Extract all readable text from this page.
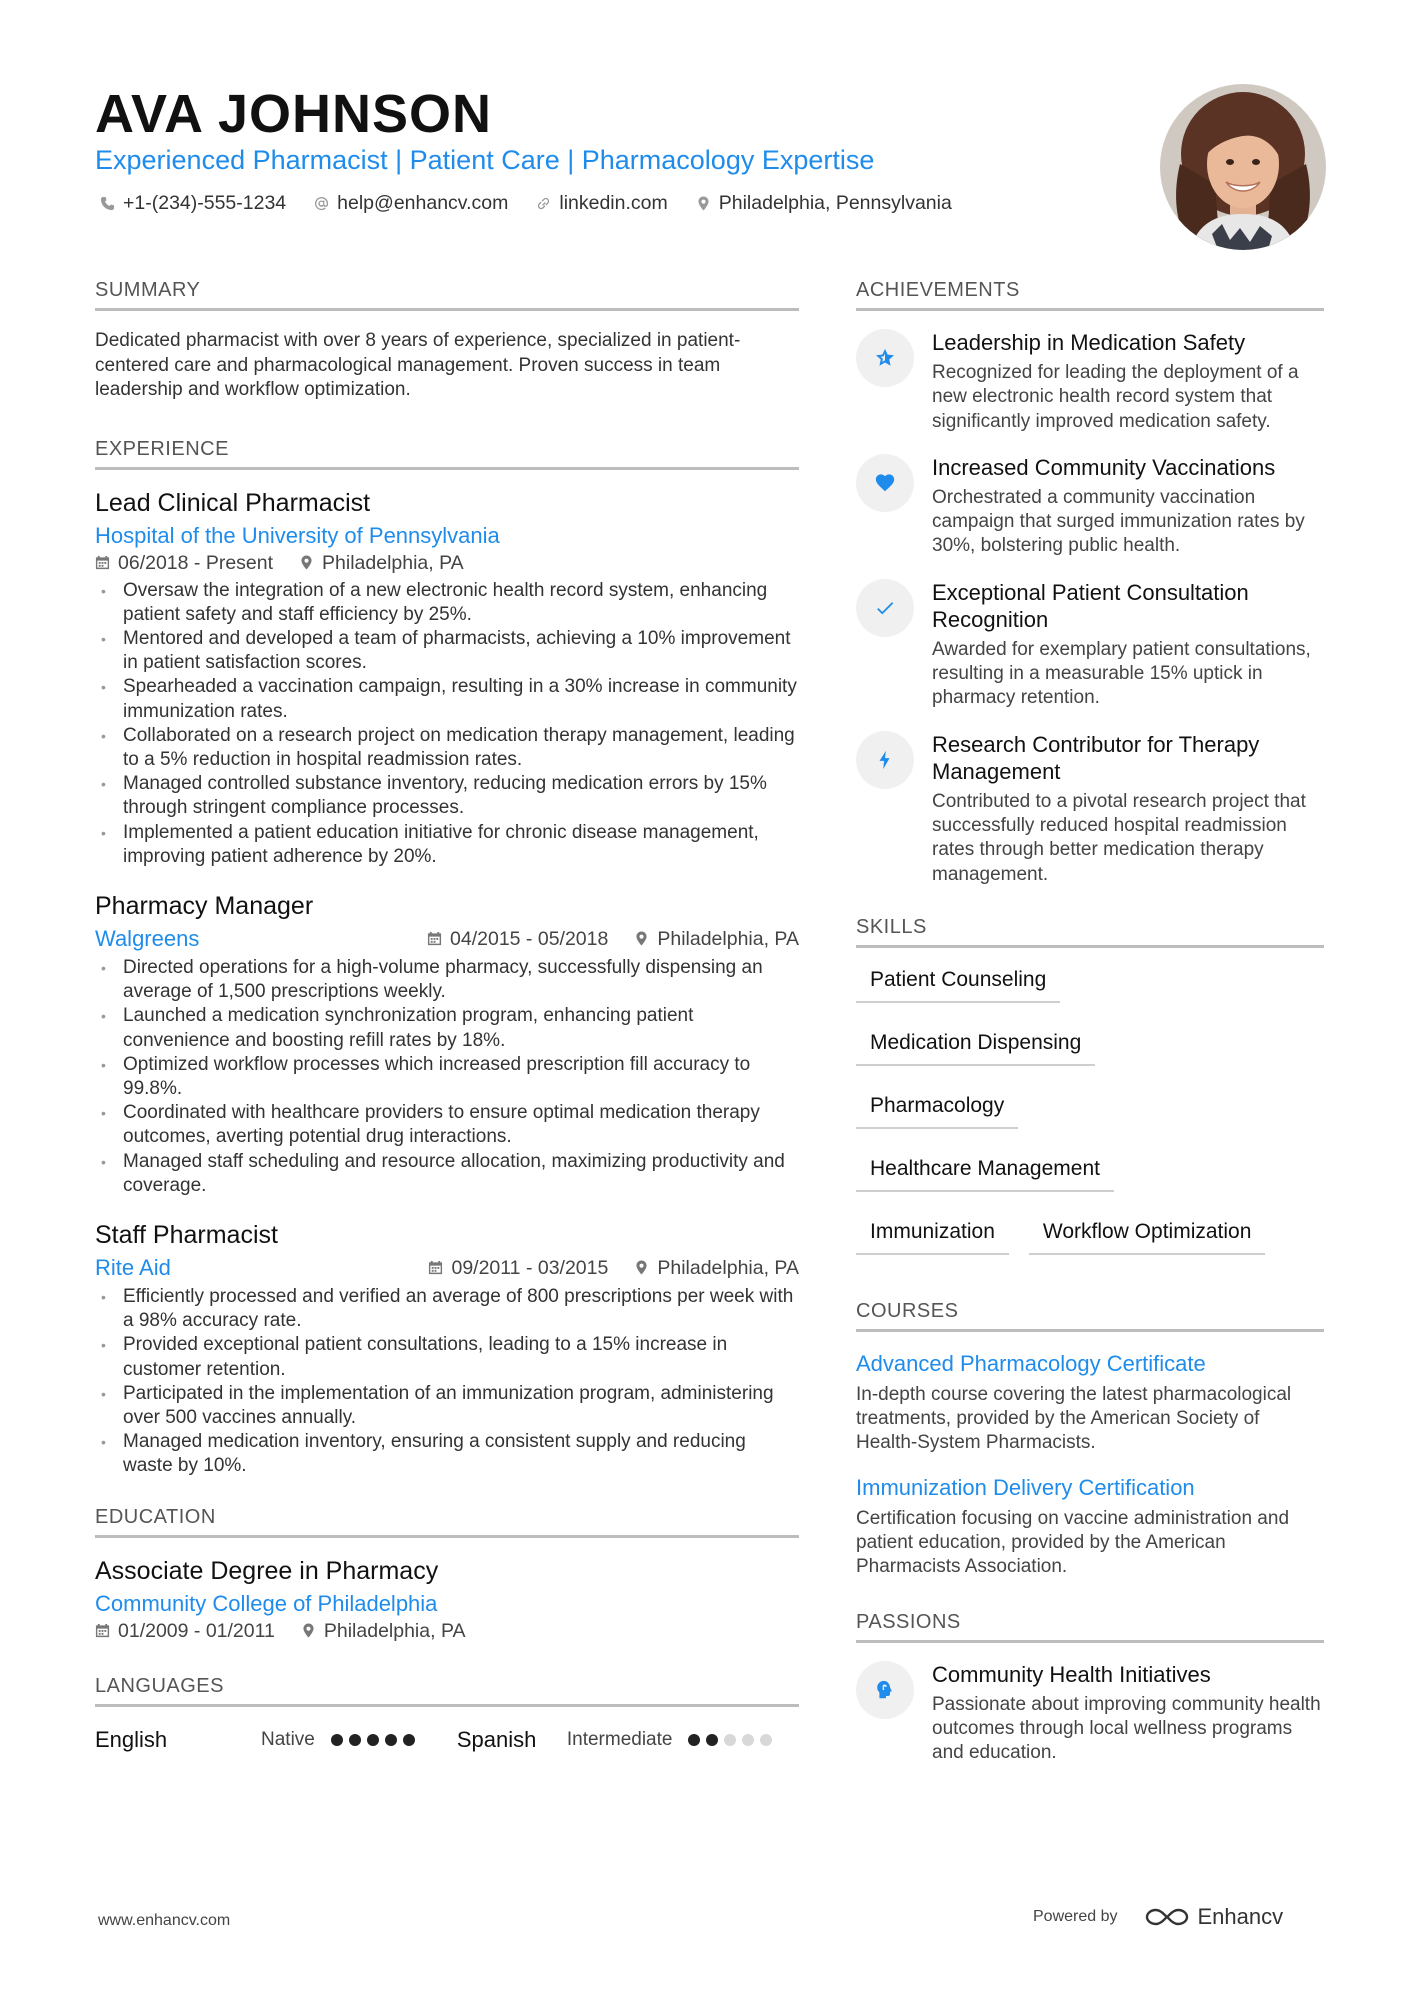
AVA JOHNSON
Experienced Pharmacist | Patient Care | Pharmacology Expertise
+1-(234)-555-1234	help@enhancv.com	linkedin.com	Philadelphia, Pennsylvania
SUMMARY
Dedicated pharmacist with over 8 years of experience, specialized in patient-centered care and pharmacological management. Proven success in team leadership and workflow optimization.
EXPERIENCE
Lead Clinical Pharmacist
Hospital of the University of Pennsylvania
06/2018 - Present	Philadelphia, PA
• Oversaw the integration of a new electronic health record system, enhancing patient safety and staff efficiency by 25%.
• Mentored and developed a team of pharmacists, achieving a 10% improvement in patient satisfaction scores.
• Spearheaded a vaccination campaign, resulting in a 30% increase in community immunization rates.
• Collaborated on a research project on medication therapy management, leading to a 5% reduction in hospital readmission rates.
• Managed controlled substance inventory, reducing medication errors by 15% through stringent compliance processes.
• Implemented a patient education initiative for chronic disease management, improving patient adherence by 20%.
Pharmacy Manager
Walgreens	04/2015 - 05/2018	Philadelphia, PA
• Directed operations for a high-volume pharmacy, successfully dispensing an average of 1,500 prescriptions weekly.
• Launched a medication synchronization program, enhancing patient convenience and boosting refill rates by 18%.
• Optimized workflow processes which increased prescription fill accuracy to 99.8%.
• Coordinated with healthcare providers to ensure optimal medication therapy outcomes, averting potential drug interactions.
• Managed staff scheduling and resource allocation, maximizing productivity and coverage.
Staff Pharmacist
Rite Aid	09/2011 - 03/2015	Philadelphia, PA
• Efficiently processed and verified an average of 800 prescriptions per week with a 98% accuracy rate.
• Provided exceptional patient consultations, leading to a 15% increase in customer retention.
• Participated in the implementation of an immunization program, administering over 500 vaccines annually.
• Managed medication inventory, ensuring a consistent supply and reducing waste by 10%.
EDUCATION
Associate Degree in Pharmacy
Community College of Philadelphia
01/2009 - 01/2011	Philadelphia, PA
LANGUAGES
English	Native	Spanish	Intermediate
ACHIEVEMENTS
Leadership in Medication Safety
Recognized for leading the deployment of a new electronic health record system that significantly improved medication safety.
Increased Community Vaccinations
Orchestrated a community vaccination campaign that surged immunization rates by 30%, bolstering public health.
Exceptional Patient Consultation Recognition
Awarded for exemplary patient consultations, resulting in a measurable 15% uptick in pharmacy retention.
Research Contributor for Therapy Management
Contributed to a pivotal research project that successfully reduced hospital readmission rates through better medication therapy management.
SKILLS
Patient Counseling
Medication Dispensing
Pharmacology
Healthcare Management
Immunization	Workflow Optimization
COURSES
Advanced Pharmacology Certificate
In-depth course covering the latest pharmacological treatments, provided by the American Society of Health-System Pharmacists.
Immunization Delivery Certification
Certification focusing on vaccine administration and patient education, provided by the American Pharmacists Association.
PASSIONS
Community Health Initiatives
Passionate about improving community health outcomes through local wellness programs and education.
www.enhancv.com	Powered by	Enhancv
